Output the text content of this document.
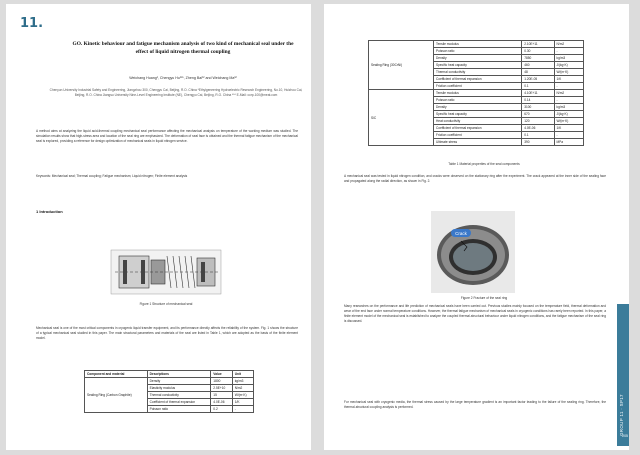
11.
GO. Kinetic behaviour and fatigue mechanism analysis of two kind of mechanical seal under the effect of liquid nitrogen thermal coupling
Weichang Huang¹, Chengyu Hu¹²*, Zheng Bai¹² and Weichang Ma¹²
Chenyun University Industrial Safety and Engineering, Jiangzhou 300, Chengyu Cai, Beijing, R.O. China *Ethylgeneering Hydroelectric Research Engineering, No.10, Huizhou Cai, Beijing, R.O. China Jiangsu University Nine-Level Engineering Institute (NE), Chengyu Cai, Beijing, R.O. China *** E-Mail: corp-100@meat.com
A method aims at analyzing the liquid acid-thermal coupling mechanical seal performance affecting the mechanical analysis on temperature of the working medium was studied. The simulation results show that high-stress area and location of the seal ring are emphasized. The deformation of seal face is obtained and the thermal fatigue mechanism of the mechanical seal is explored, providing a reference for design optimization of mechanical seals in liquid nitrogen service.
Keywords: Mechanical seal; Thermal coupling; Fatigue mechanism; Liquid nitrogen; Finite element analysis
1 Introduction
Figure 1 Structure of mechanical seal
Mechanical seal is one of the most critical components in cryogenic liquid transfer equipment, and its performance directly affects the reliability of the system. Fig. 1 shows the structure of a typical mechanical seal studied in this paper. The main structural parameters and materials of the seal are listed in Table 1, which are adopted as the basis of the finite element model.
Component and material	Descriptions	Value	Unit
Sealing Ring (Carbon Graphite)	Density	1800	kg/m3
	Elasticity modulus	2.5E+10	N/m2
	Thermal conductivity	15	W/(m·K)
	Coefficient of thermal expansion	4.0E-06	1/K
	Poisson ratio	0.2	-
Sealing Ring (30CrNi)	Tensile modulus	2.10E+11	N/m2
	Poisson ratio	0.30	-
	Density	7850	kg/m3
	Specific heat capacity	460	J/(kg·K)
	Thermal conductivity	48	W/(m·K)
	Coefficient of thermal expansion	1.20E-05	1/K
	Friction coefficient	0.1	-
SiC	Tensile modulus	4.10E+11	N/m2
	Poisson ratio	0.14	-
	Density	3100	kg/m3
	Specific heat capacity	670	J/(kg·K)
	Heat conductivity	120	W/(m·K)
	Coefficient of thermal expansion	4.0E-06	1/K
	Friction coefficient	0.1	-
	Ultimate stress	390	MPa
Table 1 Material properties of the seal components
A mechanical seal was tested in liquid nitrogen condition, and cracks were observed on the stationary ring after the experiment. The crack appeared at the inner side of the sealing face and propagated along the radial direction, as shown in Fig. 2.
Crack
Figure 2 Fracture of the seal ring
Many researches on the performance and life prediction of mechanical seals have been carried out. Previous studies mainly focused on the temperature field, thermal deformation and wear of the end face under normal temperature conditions. However, the thermal fatigue mechanism of mechanical seals in cryogenic conditions has rarely been reported. In this paper, a finite element model of the mechanical seal is established to analyze the coupled thermal-structural behaviour under liquid nitrogen conditions, and the fatigue mechanism of the seal ring is discussed.
For mechanical seal with cryogenic media, the thermal stress caused by the large temperature gradient is an important factor leading to the failure of the sealing ring. Therefore, the thermal-structural coupling analysis is performed.	GROUP 11 · SP17
205
